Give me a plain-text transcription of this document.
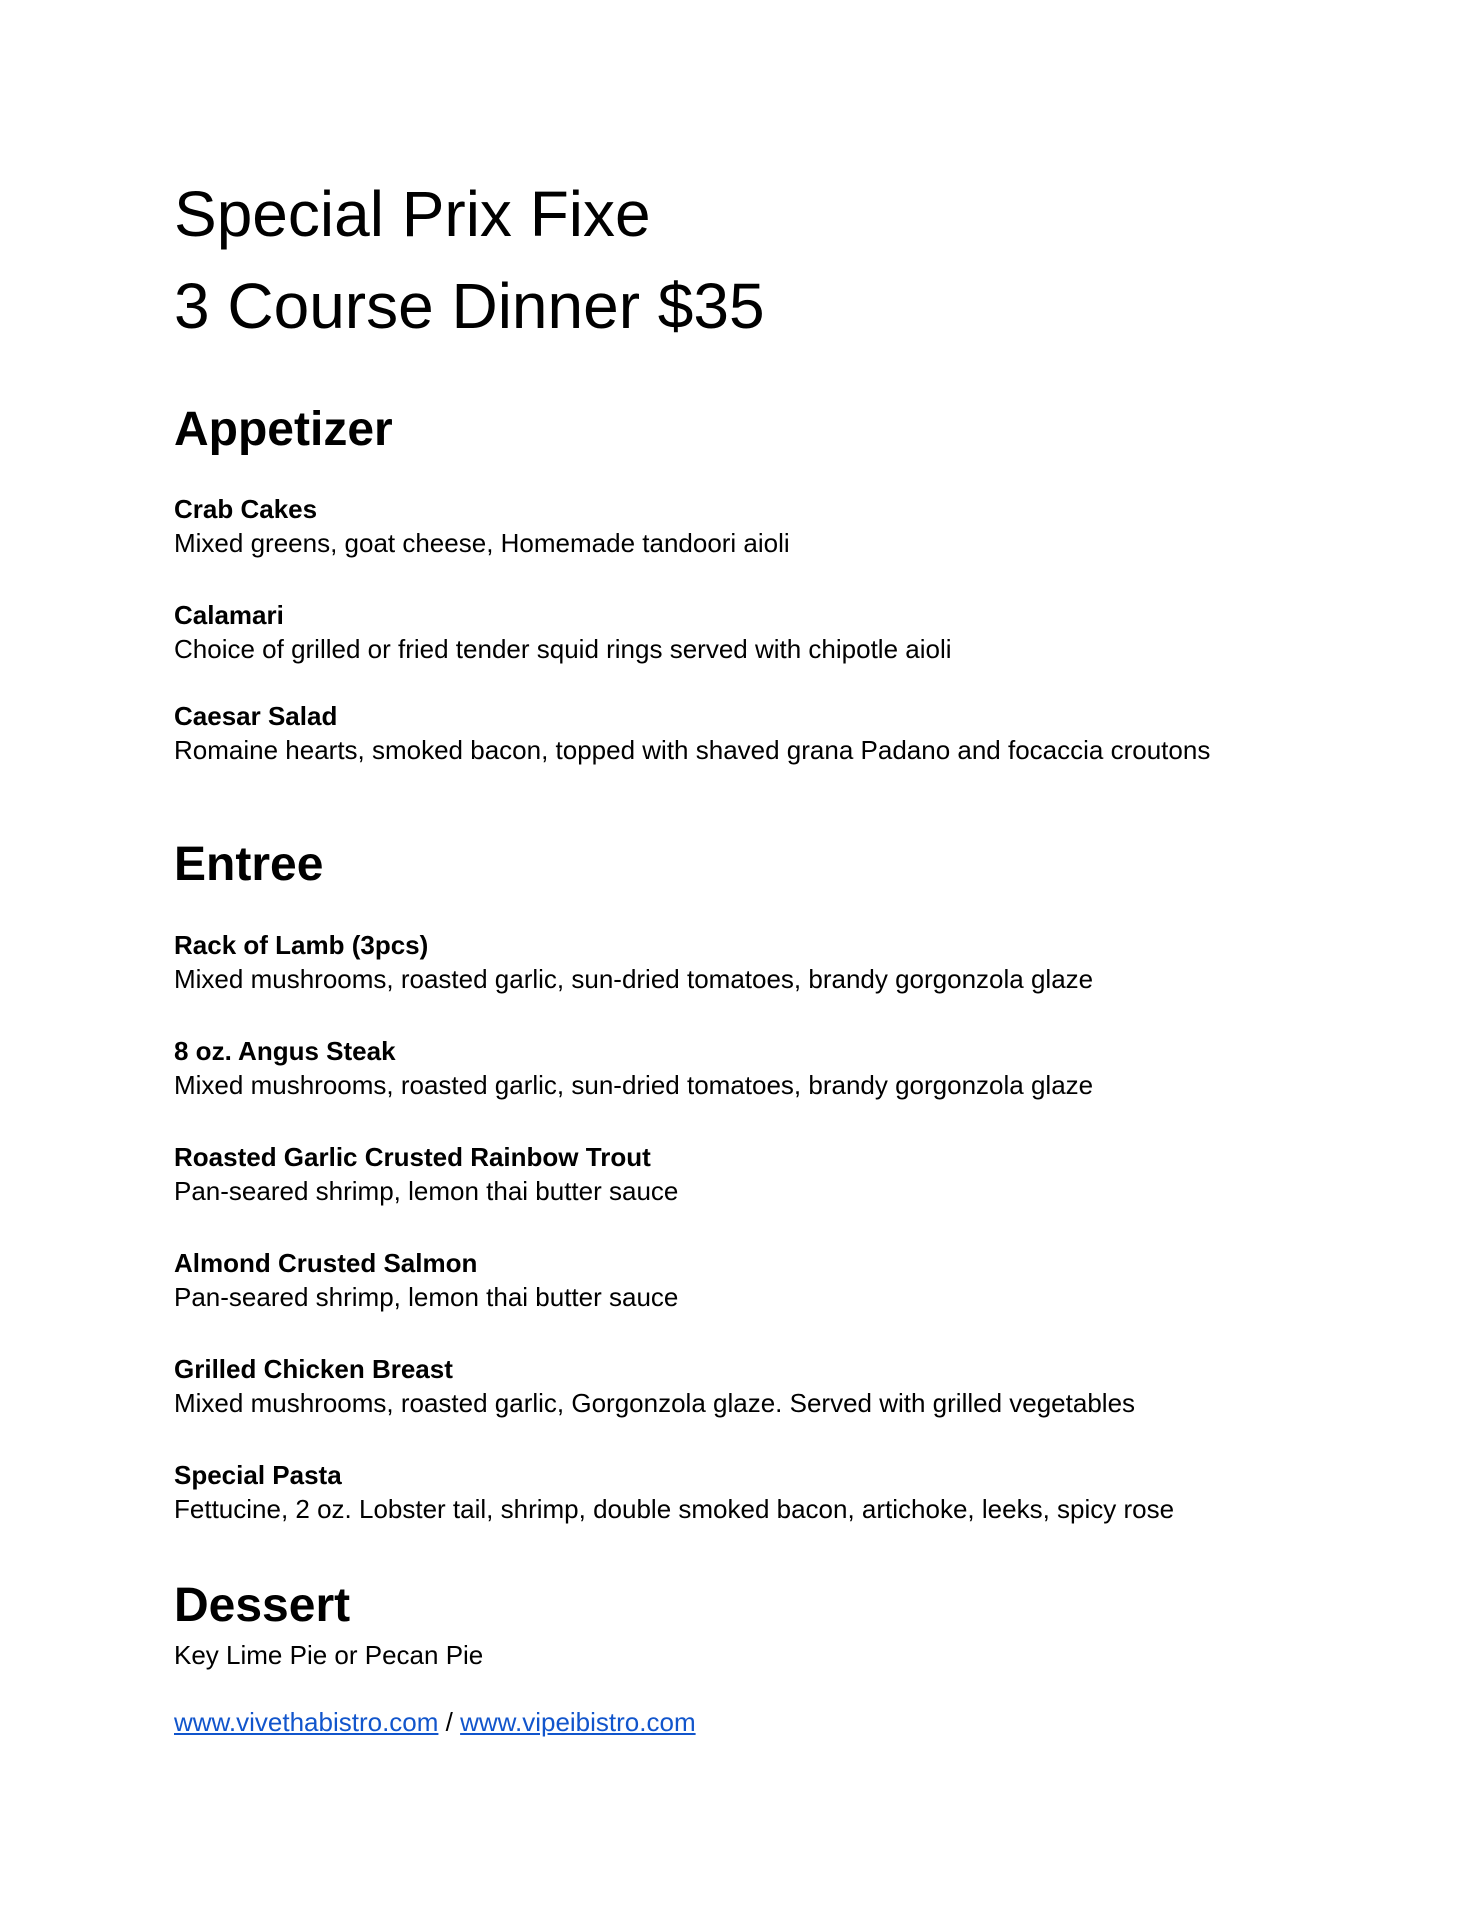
Special Prix Fixe

3 Course Dinner $35

Appetizer

Crab Cakes

Mixed greens, goat cheese, Homemade tandoori aioli

Calamari

Choice of grilled or fried tender squid rings served with chipotle aioli

Caesar Salad

Romaine hearts, smoked bacon, topped with shaved grana Padano and focaccia croutons

Entree

Rack of Lamb (3pcs)

Mixed mushrooms, roasted garlic, sun-dried tomatoes, brandy gorgonzola glaze

8 oz. Angus Steak

Mixed mushrooms, roasted garlic, sun-dried tomatoes, brandy gorgonzola glaze

Roasted Garlic Crusted Rainbow Trout

Pan-seared shrimp, lemon thai butter sauce

Almond Crusted Salmon

Pan-seared shrimp, lemon thai butter sauce

Grilled Chicken Breast

Mixed mushrooms, roasted garlic, Gorgonzola glaze. Served with grilled vegetables

Special Pasta

Fettucine, 2 oz. Lobster tail, shrimp, double smoked bacon, artichoke, leeks, spicy rose

Dessert

Key Lime Pie or Pecan Pie

www.vivethabistro.com / www.vipeibistro.com
